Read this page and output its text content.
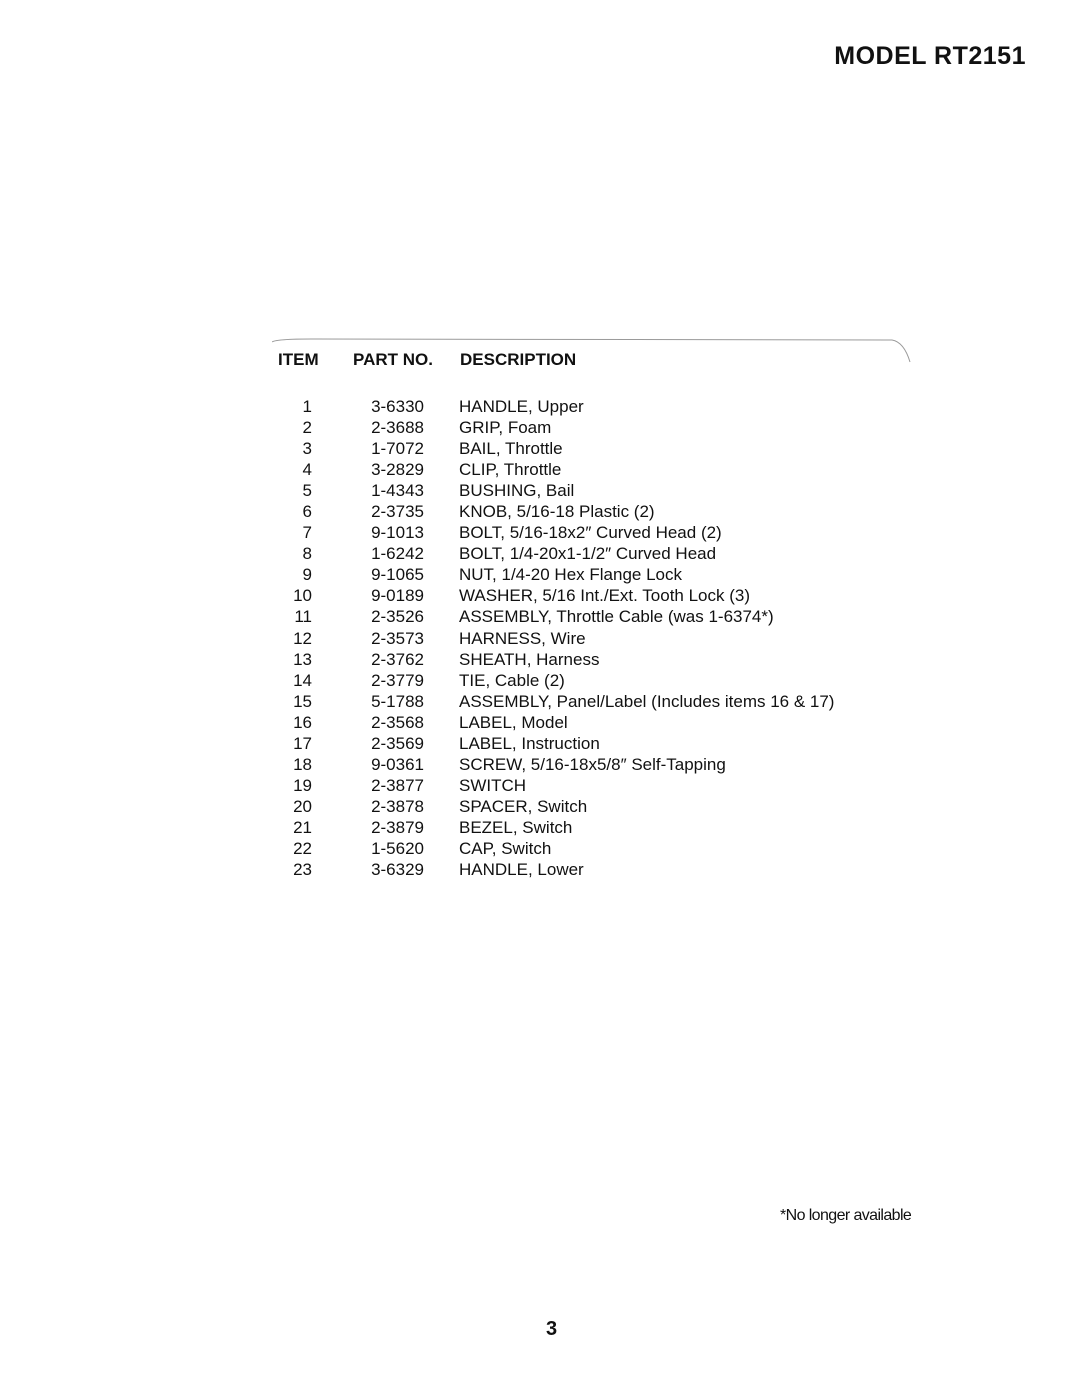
MODEL RT2151
ITEM PART NO. DESCRIPTION
1	3-6330 HANDLE, Upper
2	2-3688 GRIP, Foam
3	1-7072 BAIL, Throttle
4	3-2829 CLIP, Throttle
5	1-4343 BUSHING, Bail
6	2-3735 KNOB, 5/16-18 Plastic (2)
7	9-1013 BOLT, 5/16-18x2″ Curved Head (2)
8	1-6242 BOLT, 1/4-20x1-1/2″ Curved Head
9	9-1065 NUT, 1/4-20 Hex Flange Lock
10	9-0189 WASHER, 5/16 Int./Ext. Tooth Lock (3)
11	2-3526 ASSEMBLY, Throttle Cable (was 1-6374*)
12	2-3573 HARNESS, Wire
13	2-3762 SHEATH, Harness
14	2-3779 TIE, Cable (2)
15	5-1788 ASSEMBLY, Panel/Label (Includes items 16 & 17)
16	2-3568 LABEL, Model
17	2-3569 LABEL, Instruction
18	9-0361 SCREW, 5/16-18x5/8″ Self-Tapping
19	2-3877 SWITCH
20	2-3878 SPACER, Switch
21	2-3879 BEZEL, Switch
22	1-5620 CAP, Switch
23	3-6329 HANDLE, Lower
*No longer available
3
